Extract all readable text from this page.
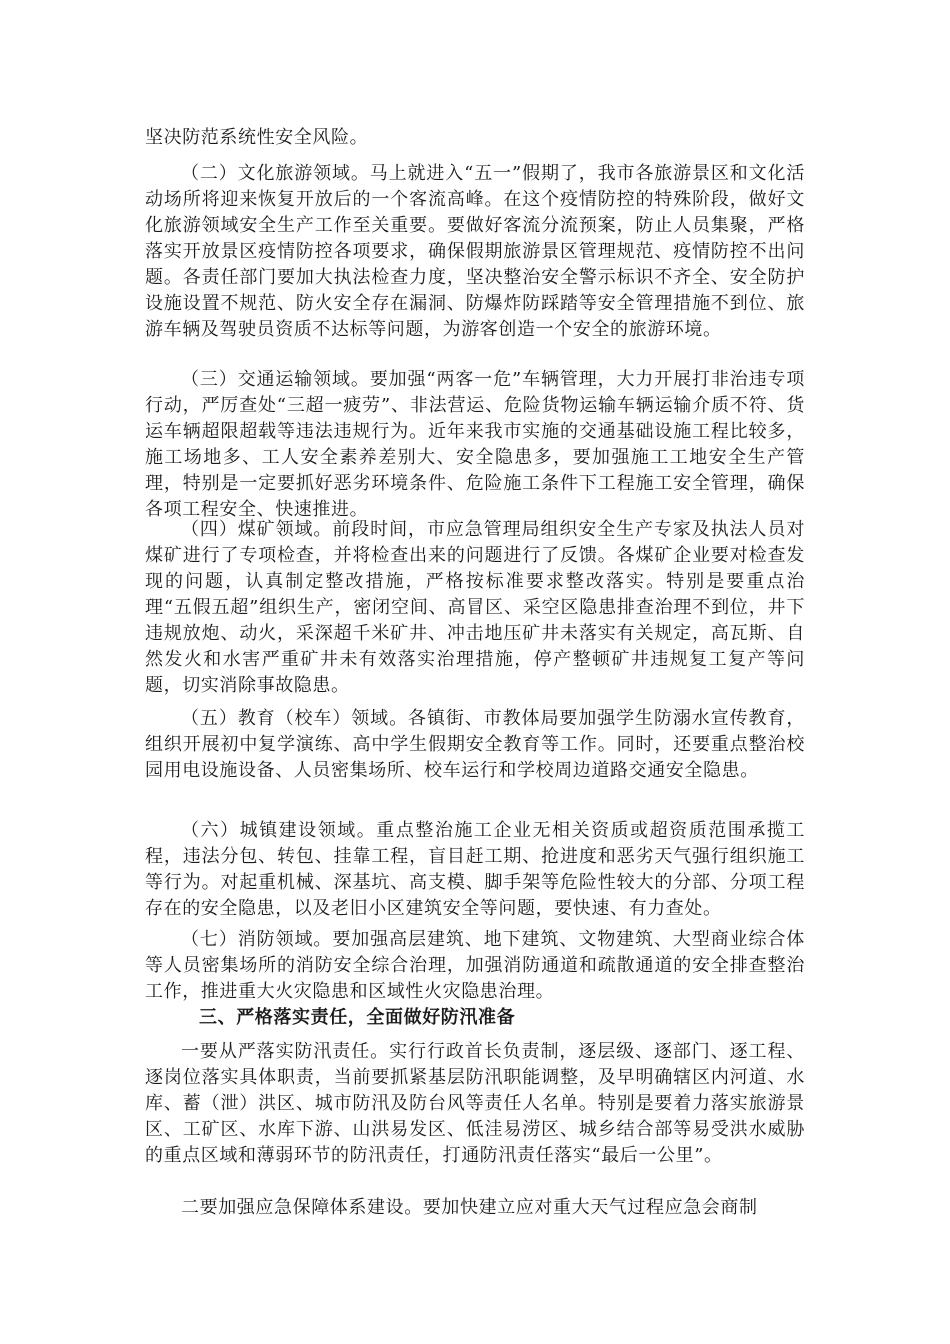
坚决防范系统性安全风险。

（二）文化旅游领域。马上就进入“五一”假期了，我市各旅游景区和文化活动场所将迎来恢复开放后的一个客流高峰。在这个疫情防控的特殊阶段，做好文化旅游领域安全生产工作至关重要。要做好客流分流预案，防止人员集聚，严格落实开放景区疫情防控各项要求，确保假期旅游景区管理规范、疫情防控不出问题。各责任部门要加大执法检查力度，坚决整治安全警示标识不齐全、安全防护设施设置不规范、防火安全存在漏洞、防爆炸防踩踏等安全管理措施不到位、旅游车辆及驾驶员资质不达标等问题，为游客创造一个安全的旅游环境。

（三）交通运输领域。要加强“两客一危”车辆管理，大力开展打非治违专项行动，严厉查处“三超一疲劳”、非法营运、危险货物运输车辆运输介质不符、货运车辆超限超载等违法违规行为。近年来我市实施的交通基础设施工程比较多，施工场地多、工人安全素养差别大、安全隐患多，要加强施工工地安全生产管理，特别是一定要抓好恶劣环境条件、危险施工条件下工程施工安全管理，确保各项工程安全、快速推进。

（四）煤矿领域。前段时间，市应急管理局组织安全生产专家及执法人员对煤矿进行了专项检查，并将检查出来的问题进行了反馈。各煤矿企业要对检查发现的问题，认真制定整改措施，严格按标准要求整改落实。特别是要重点治理“五假五超”组织生产，密闭空间、高冒区、采空区隐患排查治理不到位，井下违规放炮、动火，采深超千米矿井、冲击地压矿井未落实有关规定，高瓦斯、自然发火和水害严重矿井未有效落实治理措施，停产整顿矿井违规复工复产等问题，切实消除事故隐患。

（五）教育（校车）领域。各镇街、市教体局要加强学生防溺水宣传教育，组织开展初中复学演练、高中学生假期安全教育等工作。同时，还要重点整治校园用电设施设备、人员密集场所、校车运行和学校周边道路交通安全隐患。

（六）城镇建设领域。重点整治施工企业无相关资质或超资质范围承揽工程，违法分包、转包、挂靠工程，盲目赶工期、抢进度和恶劣天气强行组织施工等行为。对起重机械、深基坑、高支模、脚手架等危险性较大的分部、分项工程存在的安全隐患，以及老旧小区建筑安全等问题，要快速、有力查处。

（七）消防领域。要加强高层建筑、地下建筑、文物建筑、大型商业综合体等人员密集场所的消防安全综合治理，加强消防通道和疏散通道的安全排查整治工作，推进重大火灾隐患和区域性火灾隐患治理。

三、严格落实责任，全面做好防汛准备

一要从严落实防汛责任。实行行政首长负责制，逐层级、逐部门、逐工程、逐岗位落实具体职责，当前要抓紧基层防汛职能调整，及早明确辖区内河道、水库、蓄（泄）洪区、城市防汛及防台风等责任人名单。特别是要着力落实旅游景区、工矿区、水库下游、山洪易发区、低洼易涝区、城乡结合部等易受洪水威胁的重点区域和薄弱环节的防汛责任，打通防汛责任落实“最后一公里”。

二要加强应急保障体系建设。要加快建立应对重大天气过程应急会商制
